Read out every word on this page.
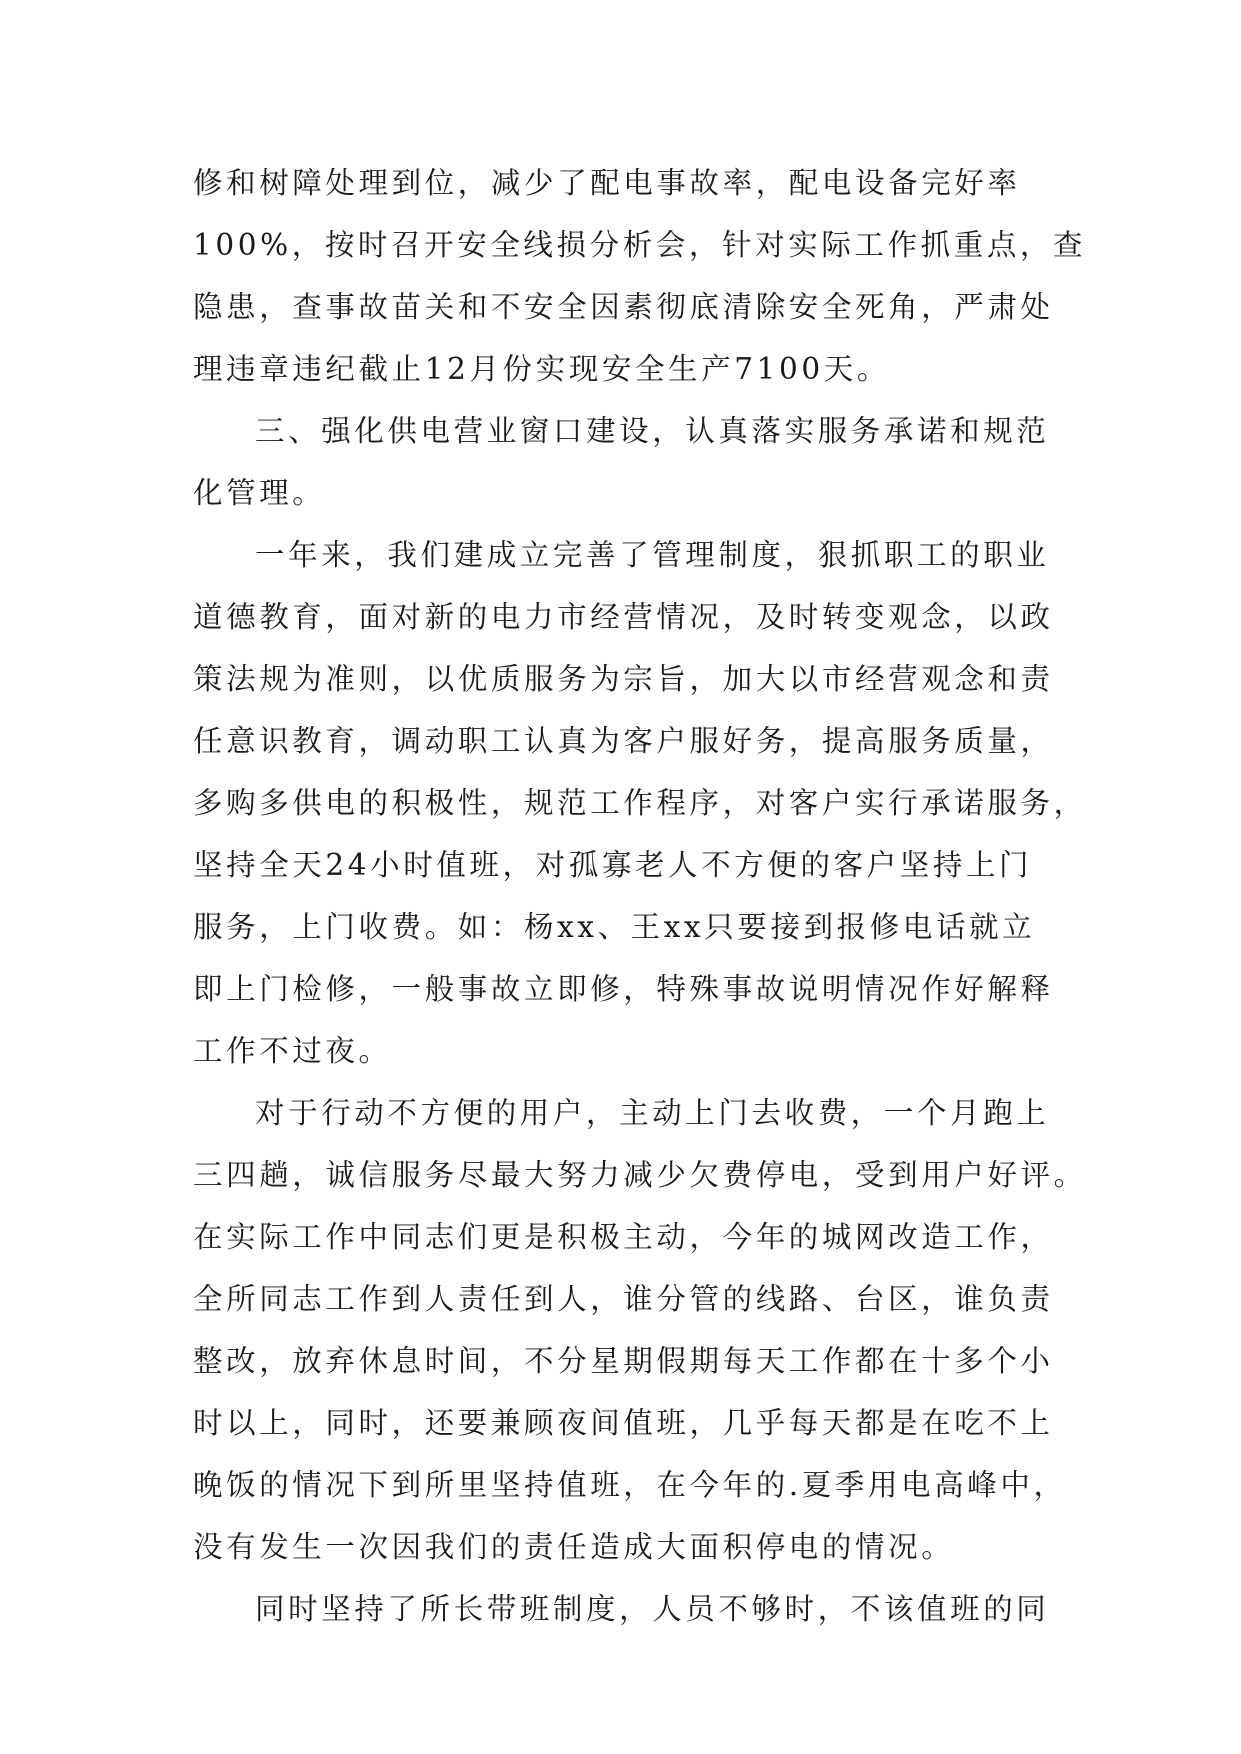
修和树障处理到位，减少了配电事故率，配电设备完好率
100%，按时召开安全线损分析会，针对实际工作抓重点，查
隐患，查事故苗关和不安全因素彻底清除安全死角，严肃处
理违章违纪截止12月份实现安全生产7100天。
三、强化供电营业窗口建设，认真落实服务承诺和规范
化管理。
一年来，我们建成立完善了管理制度，狠抓职工的职业
道德教育，面对新的电力市经营情况，及时转变观念，以政
策法规为准则，以优质服务为宗旨，加大以市经营观念和责
任意识教育，调动职工认真为客户服好务，提高服务质量，
多购多供电的积极性，规范工作程序，对客户实行承诺服务，
坚持全天24小时值班，对孤寡老人不方便的客户坚持上门
服务，上门收费。如：杨xx、王xx只要接到报修电话就立
即上门检修，一般事故立即修，特殊事故说明情况作好解释
工作不过夜。
对于行动不方便的用户，主动上门去收费，一个月跑上
三四趟，诚信服务尽最大努力减少欠费停电，受到用户好评。
在实际工作中同志们更是积极主动，今年的城网改造工作，
全所同志工作到人责任到人，谁分管的线路、台区，谁负责
整改，放弃休息时间，不分星期假期每天工作都在十多个小
时以上，同时，还要兼顾夜间值班，几乎每天都是在吃不上
晚饭的情况下到所里坚持值班，在今年的.夏季用电高峰中，
没有发生一次因我们的责任造成大面积停电的情况。
同时坚持了所长带班制度，人员不够时，不该值班的同
